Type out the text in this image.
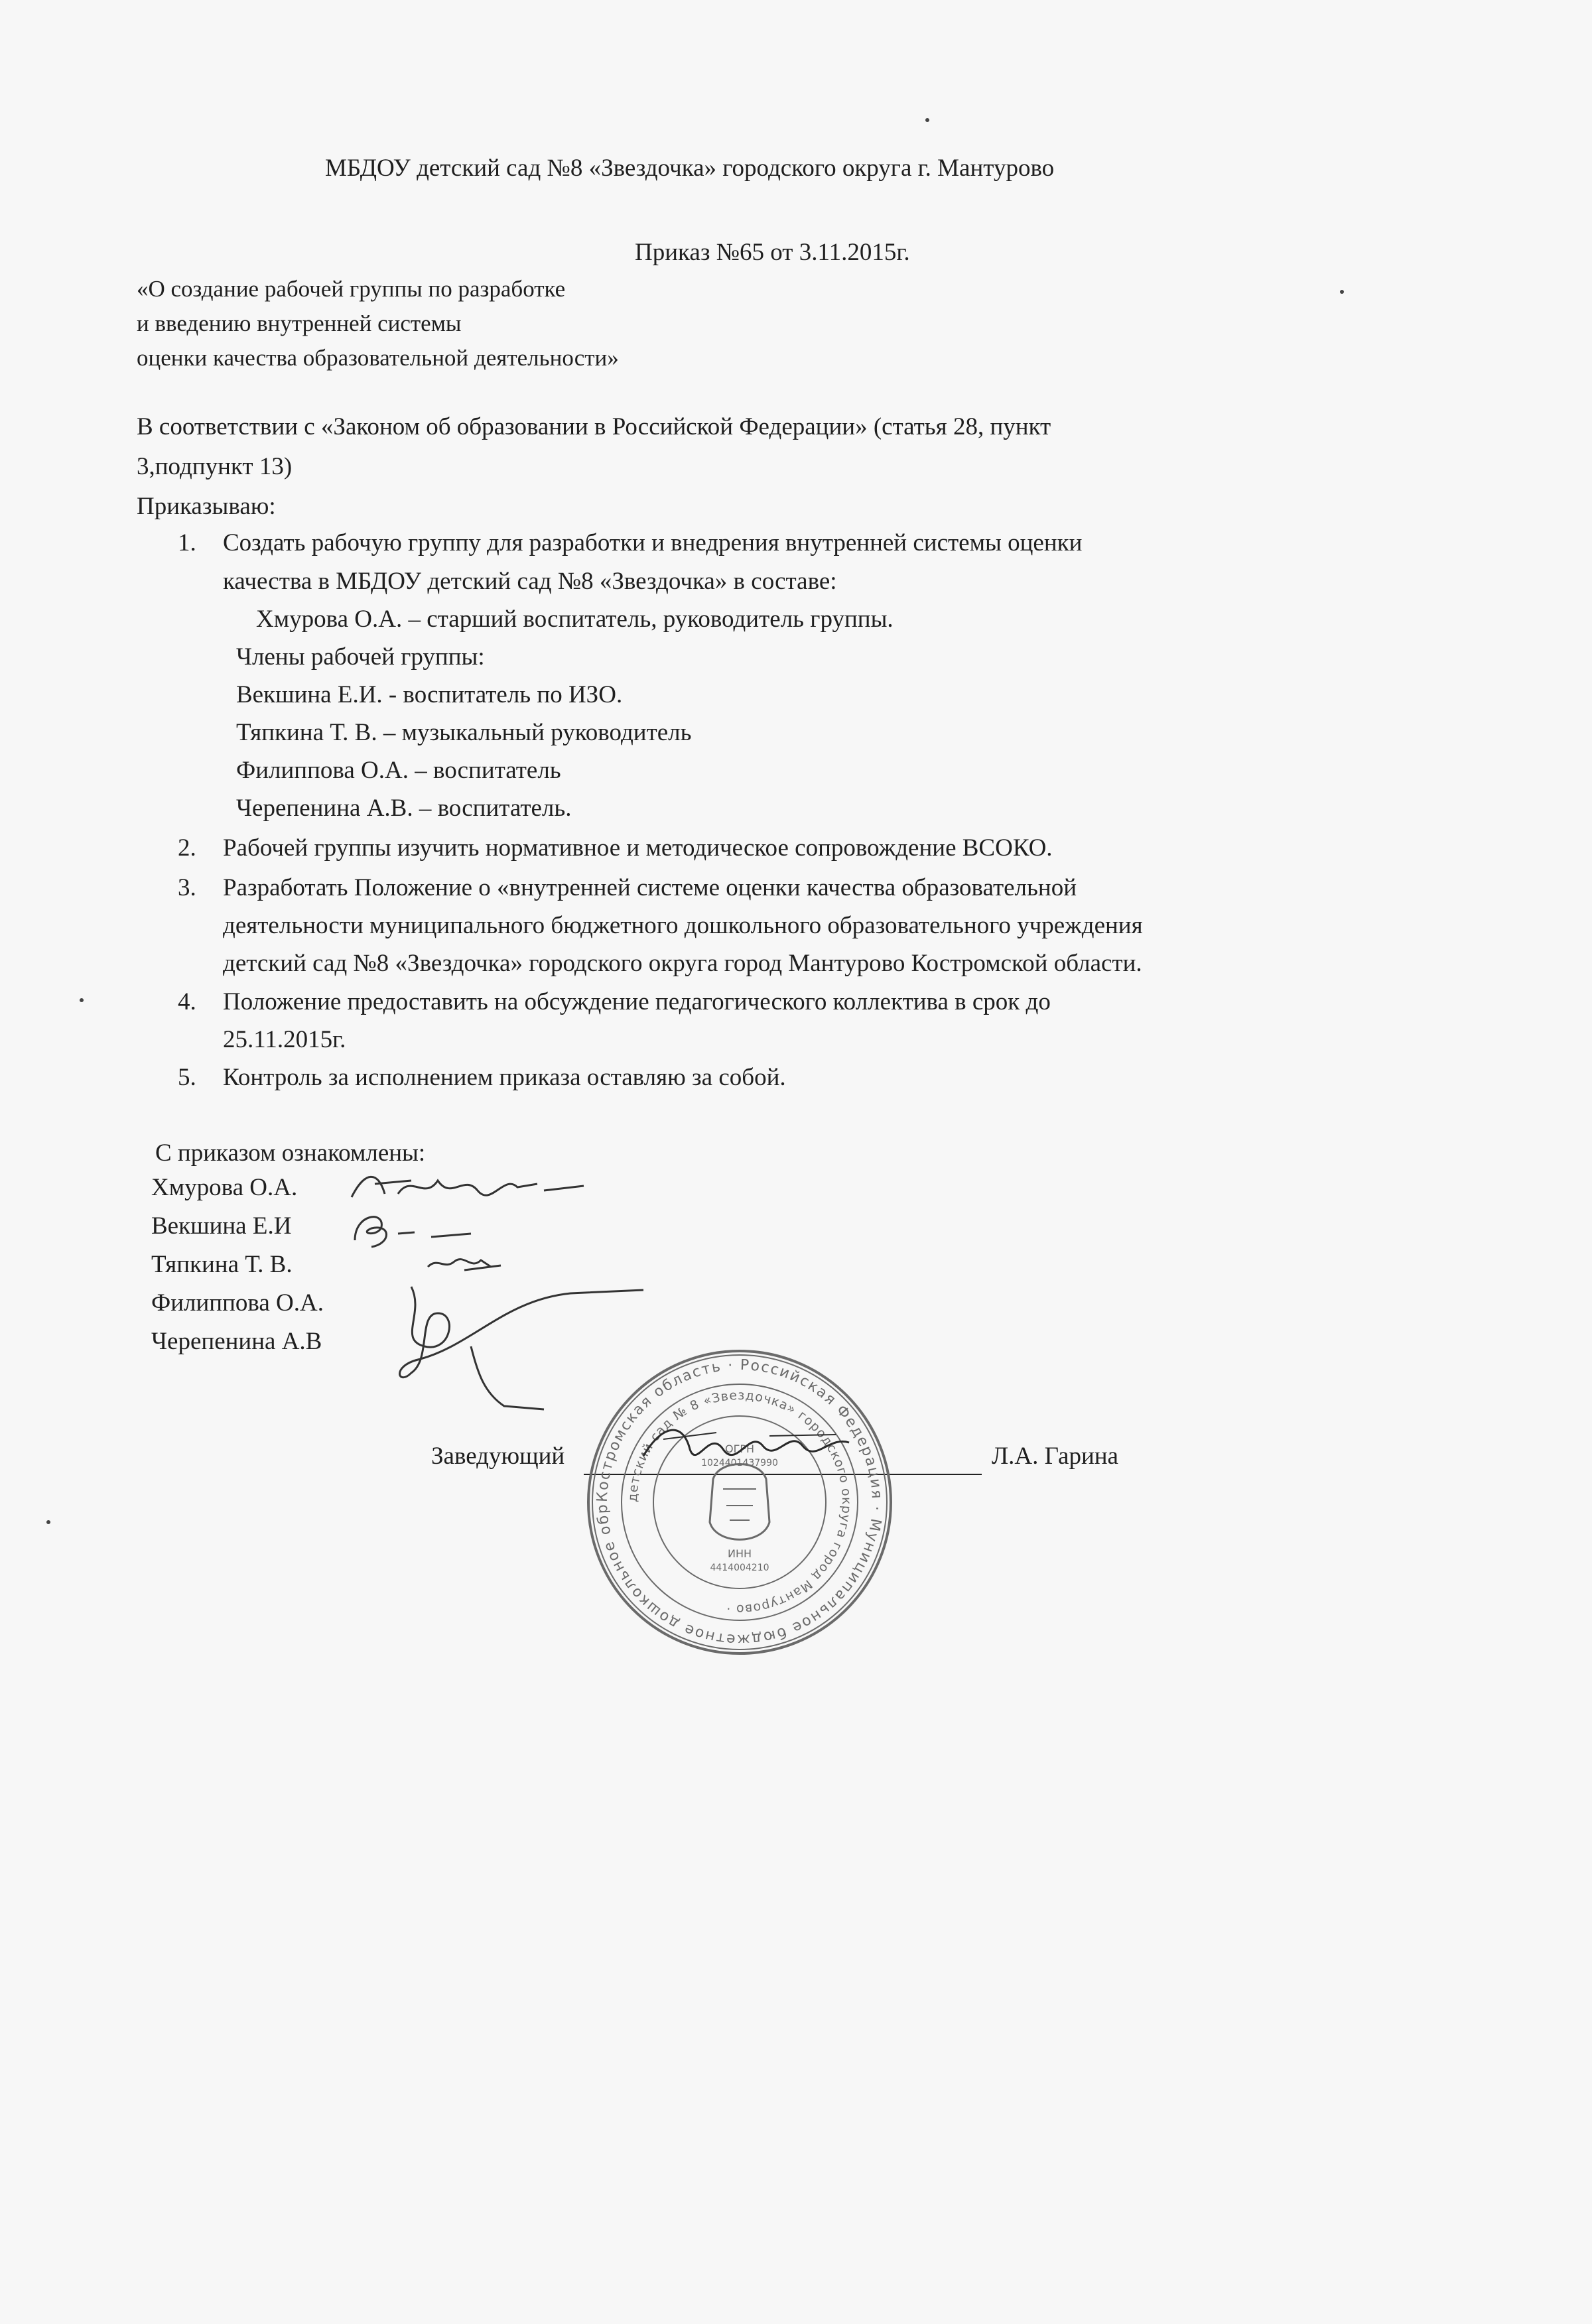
МБДОУ детский сад №8 «Звездочка» городского округа г. Мантурово

Приказ №65 от 3.11.2015г.

«О создание рабочей группы по разработке

и введению внутренней системы

оценки качества образовательной деятельности»

В соответствии с «Законом об образовании в Российской Федерации» (статья 28, пункт

3,подпункт 13)

Приказываю:

1. Создать рабочую группу для разработки и внедрения внутренней системы оценки

качества в МБДОУ детский сад №8 «Звездочка» в составе:

Хмурова О.А. – старший воспитатель, руководитель группы.

Члены рабочей группы:

Векшина Е.И. - воспитатель по ИЗО.

Тяпкина Т. В. – музыкальный руководитель

Филиппова О.А. – воспитатель

Черепенина А.В. – воспитатель.

2. Рабочей группы изучить нормативное и методическое сопровождение ВСОКО.

3. Разработать Положение о «внутренней системе оценки качества образовательной

деятельности муниципального бюджетного дошкольного образовательного учреждения

детский сад №8 «Звездочка» городского округа город Мантурово Костромской области.

4. Положение предоставить на обсуждение педагогического коллектива в срок до

25.11.2015г.

5. Контроль за исполнением приказа оставляю за собой.

С приказом ознакомлены:

Хмурова О.А.

Векшина Е.И

Тяпкина Т. В.

Филиппова О.А.

Черепенина А.В

Заведующий	Л.А. Гарина

Костромская область · Российская Федерация · Муниципальное бюджетное дошкольное образовательное учреждение ·
детский сад № 8 «Звездочка» городского округа город Мантурово ·
ОГРН
1024401437990
ИНН
4414004210
